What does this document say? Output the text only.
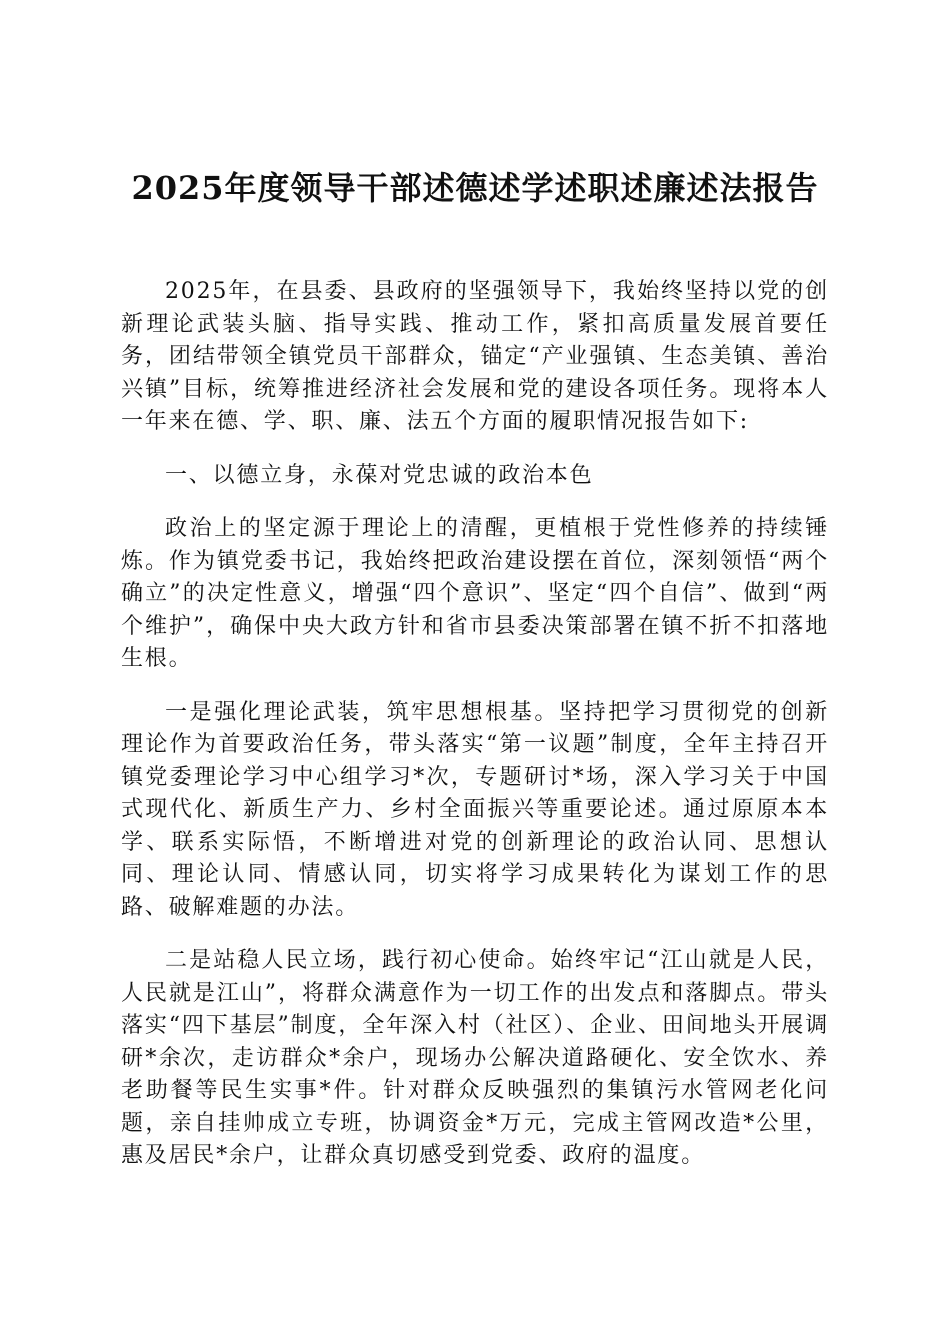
2025年度领导干部述德述学述职述廉述法报告

2025年，在县委、县政府的坚强领导下，我始终坚持以党的创新理论武装头脑、指导实践、推动工作，紧扣高质量发展首要任务，团结带领全镇党员干部群众，锚定“产业强镇、生态美镇、善治兴镇”目标，统筹推进经济社会发展和党的建设各项任务。现将本人一年来在德、学、职、廉、法五个方面的履职情况报告如下:

一、以德立身，永葆对党忠诚的政治本色

政治上的坚定源于理论上的清醒，更植根于党性修养的持续锤炼。作为镇党委书记，我始终把政治建设摆在首位，深刻领悟“两个确立”的决定性意义，增强“四个意识”、坚定“四个自信”、做到“两个维护”，确保中央大政方针和省市县委决策部署在镇不折不扣落地生根。

一是强化理论武装，筑牢思想根基。坚持把学习贯彻党的创新理论作为首要政治任务，带头落实“第一议题”制度，全年主持召开镇党委理论学习中心组学习*次，专题研讨*场，深入学习关于中国式现代化、新质生产力、乡村全面振兴等重要论述。通过原原本本学、联系实际悟，不断增进对党的创新理论的政治认同、思想认同、理论认同、情感认同，切实将学习成果转化为谋划工作的思路、破解难题的办法。

二是站稳人民立场，践行初心使命。始终牢记“江山就是人民，人民就是江山”，将群众满意作为一切工作的出发点和落脚点。带头落实“四下基层”制度，全年深入村（社区）、企业、田间地头开展调研*余次，走访群众*余户，现场办公解决道路硬化、安全饮水、养老助餐等民生实事*件。针对群众反映强烈的集镇污水管网老化问题，亲自挂帅成立专班，协调资金*万元，完成主管网改造*公里，惠及居民*余户，让群众真切感受到党委、政府的温度。
